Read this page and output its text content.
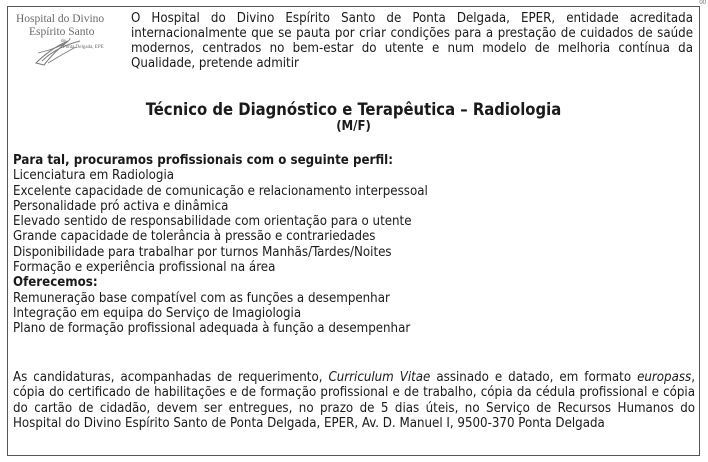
00
Hospital do Divino
Espírito Santo
de
Ponta Delgada, EPE

O Hospital do Divino Espírito Santo de Ponta Delgada, EPER, entidade acreditada internacionalmente que se pauta por criar condições para a prestação de cuidados de saúde modernos, centrados no bem-estar do utente e num modelo de melhoria contínua da Qualidade, pretende admitir

Técnico de Diagnóstico e Terapêutica – Radiologia
(M/F)
Para tal, procuramos profissionais com o seguinte perfil:
Licenciatura em Radiologia
Excelente capacidade de comunicação e relacionamento interpessoal
Personalidade pró activa e dinâmica
Elevado sentido de responsabilidade com orientação para o utente
Grande capacidade de tolerância à pressão e contrariedades
Disponibilidade para trabalhar por turnos Manhãs/Tardes/Noites
Formação e experiência profissional na área
Oferecemos:
Remuneração base compatível com as funções a desempenhar
Integração em equipa do Serviço de Imagiologia
Plano de formação profissional adequada à função a desempenhar

As candidaturas, acompanhadas de requerimento, Curriculum Vitae assinado e datado, em formato europass, cópia do certificado de habilitações e de formação profissional e de trabalho, cópia da cédula profissional e cópia do cartão de cidadão, devem ser entregues, no prazo de 5 dias úteis, no Serviço de Recursos Humanos do Hospital do Divino Espírito Santo de Ponta Delgada, EPER, Av. D. Manuel I, 9500-370 Ponta Delgada
